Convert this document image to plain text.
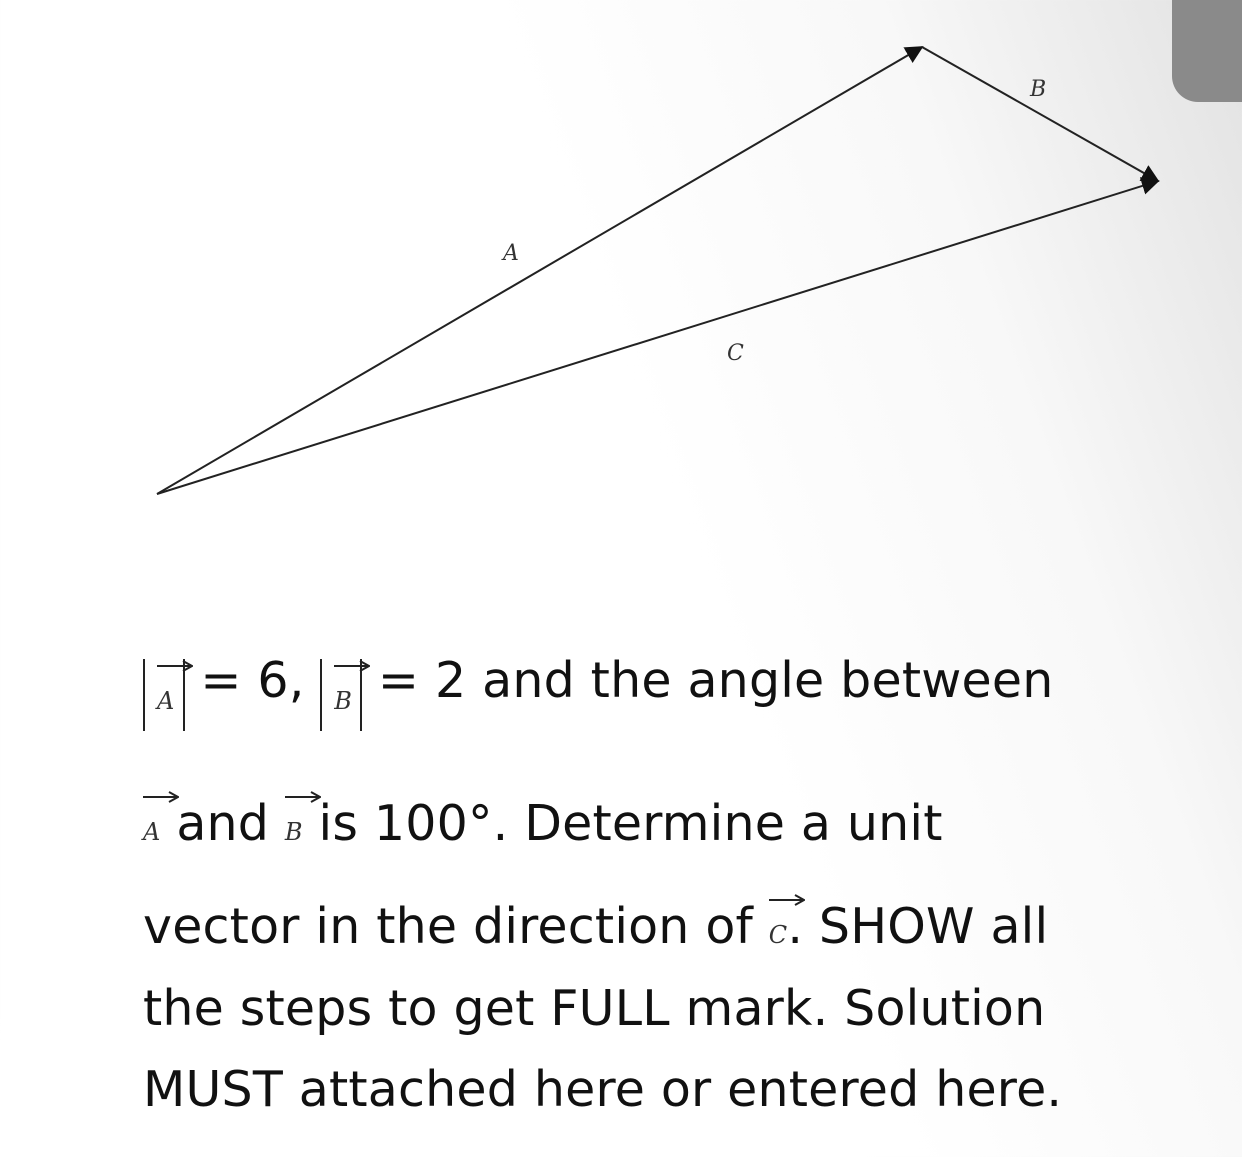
A
B
C
A = 6, B = 2 and the angle between
A and B is 100°. Determine a unit
vector in the direction of C. SHOW all
the steps to get FULL mark. Solution
MUST attached here or entered here.
